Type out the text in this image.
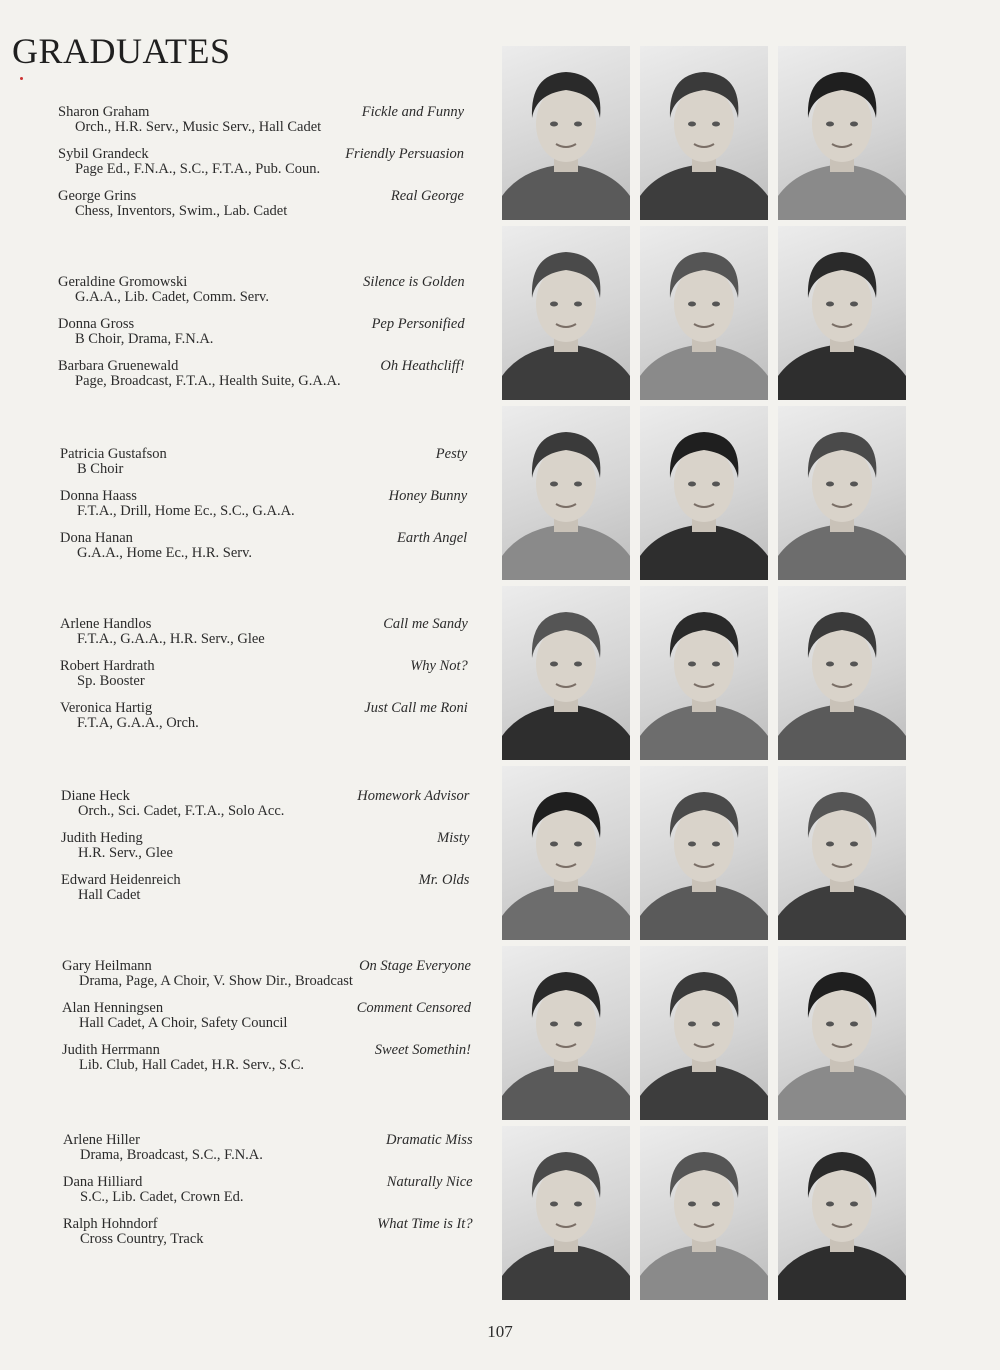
GRADUATES
Sharon Graham	Fickle and Funny
Orch., H.R. Serv., Music Serv., Hall Cadet
Sybil Grandeck	Friendly Persuasion
Page Ed., F.N.A., S.C., F.T.A., Pub. Coun.
George Grins	Real George
Chess, Inventors, Swim., Lab. Cadet
Geraldine Gromowski	Silence is Golden
G.A.A., Lib. Cadet, Comm. Serv.
Donna Gross	Pep Personified
B Choir, Drama, F.N.A.
Barbara Gruenewald	Oh Heathcliff!
Page, Broadcast, F.T.A., Health Suite, G.A.A.
Patricia Gustafson	Pesty
B Choir
Donna Haass	Honey Bunny
F.T.A., Drill, Home Ec., S.C., G.A.A.
Dona Hanan	Earth Angel
G.A.A., Home Ec., H.R. Serv.
Arlene Handlos	Call me Sandy
F.T.A., G.A.A., H.R. Serv., Glee
Robert Hardrath	Why Not?
Sp. Booster
Veronica Hartig	Just Call me Roni
F.T.A, G.A.A., Orch.
Diane Heck	Homework Advisor
Orch., Sci. Cadet, F.T.A., Solo Acc.
Judith Heding	Misty
H.R. Serv., Glee
Edward Heidenreich	Mr. Olds
Hall Cadet
Gary Heilmann	On Stage Everyone
Drama, Page, A Choir, V. Show Dir., Broadcast
Alan Henningsen	Comment Censored
Hall Cadet, A Choir, Safety Council
Judith Herrmann	Sweet Somethin!
Lib. Club, Hall Cadet, H.R. Serv., S.C.
Arlene Hiller	Dramatic Miss
Drama, Broadcast, S.C., F.N.A.
Dana Hilliard	Naturally Nice
S.C., Lib. Cadet, Crown Ed.
Ralph Hohndorf	What Time is It?
Cross Country, Track
107
